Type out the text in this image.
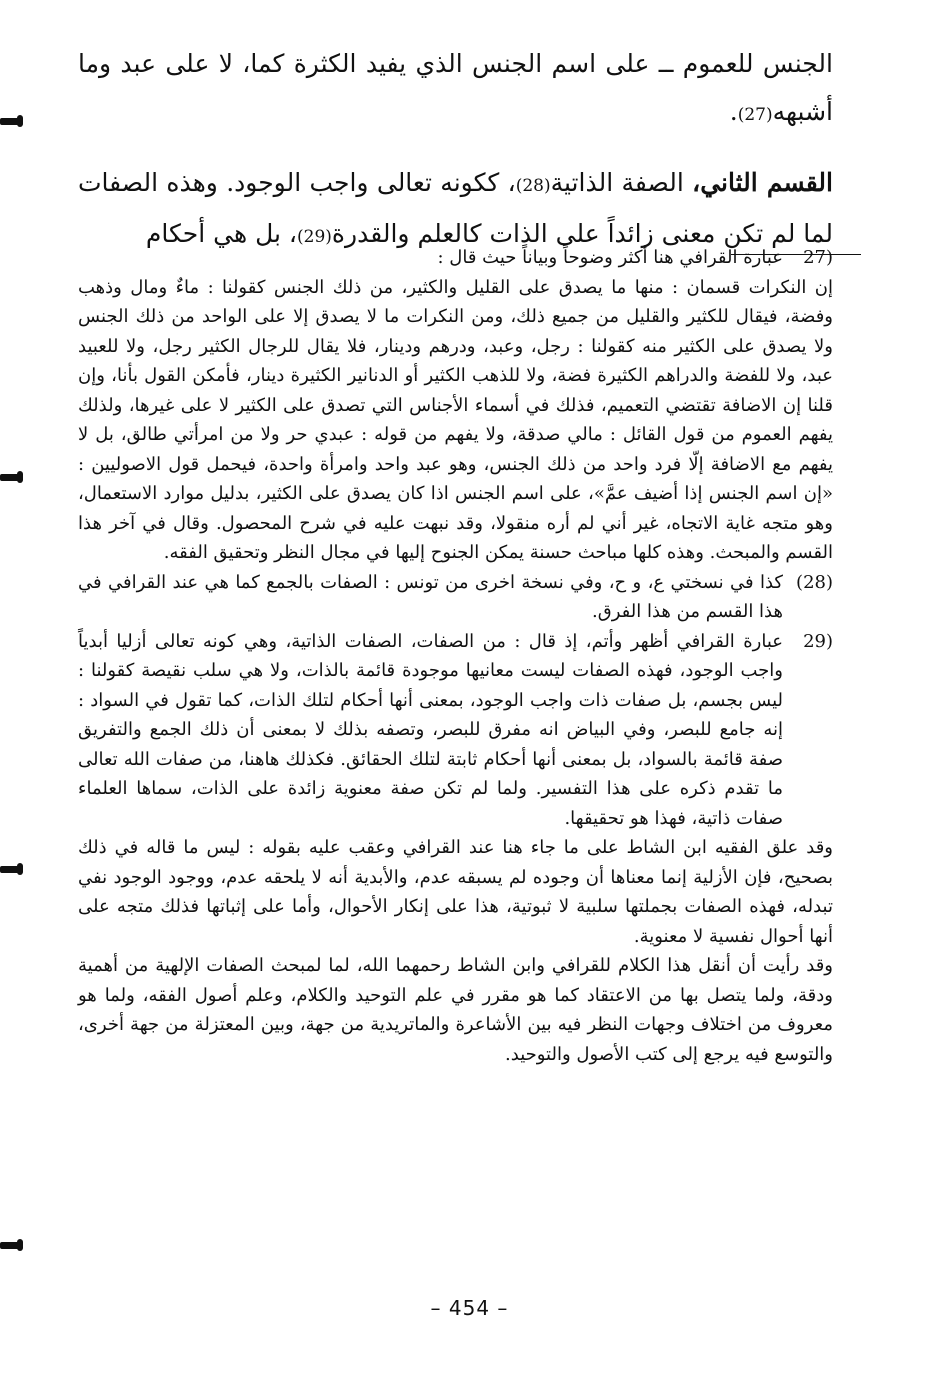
الجنس للعموم ــ على اسم الجنس الذي يفيد الكثرة كما، لا على عبد وما أشبهه(27).

القسم الثاني، الصفة الذاتية(28)، ككونه تعالى واجب الوجود. وهذه الصفات لما لم تكن معنى زائداً على الذات كالعلم والقدرة(29)، بل هي أحكام

(27

عبارة القرافي هنا أكثر وضوحاً وبياناً حيث قال :

إن النكرات قسمان : منها ما يصدق على القليل والكثير، من ذلك الجنس كقولنا : ماءٌ ومال وذهب وفضة، فيقال للكثير والقليل من جميع ذلك، ومن النكرات ما لا يصدق إلا على الواحد من ذلك الجنس ولا يصدق على الكثير منه كقولنا : رجل، وعبد، ودرهم ودينار، فلا يقال للرجال الكثير رجل، ولا للعبيد عبد، ولا للفضة والدراهم الكثيرة فضة، ولا للذهب الكثير أو الدنانير الكثيرة دينار، فأمكن القول بأنا، وإن قلنا إن الاضافة تقتضي التعميم، فذلك في أسماء الأجناس التي تصدق على الكثير لا على غيرها، ولذلك يفهم العموم من قول القائل : مالي صدقة، ولا يفهم من قوله : عبدي حر ولا من امرأتي طالق، بل لا يفهم مع الاضافة إلّا فرد واحد من ذلك الجنس، وهو عبد واحد وامرأة واحدة، فيحمل قول الاصوليين : «إن اسم الجنس إذا أضيف عمَّ»، على اسم الجنس اذا كان يصدق على الكثير، بدليل موارد الاستعمال، وهو متجه غاية الاتجاه، غير أني لم أره منقولا، وقد نبهت عليه في شرح المحصول. وقال في آخر هذا القسم والمبحث. وهذه كلها مباحث حسنة يمكن الجنوح إليها في مجال النظر وتحقيق الفقه.

(28)

كذا في نسختي ع، و ح، وفي نسخة اخرى من تونس : الصفات بالجمع كما هي عند القرافي في هذا القسم من هذا الفرق.

(29

عبارة القرافي أظهر وأتم، إذ قال : من الصفات، الصفات الذاتية، وهي كونه تعالى أزليا أبدياً واجب الوجود، فهذه الصفات ليست معانيها موجودة قائمة بالذات، ولا هي سلب نقيصة كقولنا : ليس بجسم، بل صفات ذات واجب الوجود، بمعنى أنها أحكام لتلك الذات، كما تقول في السواد : إنه جامع للبصر، وفي البياض انه مفرق للبصر، وتصفه بذلك لا بمعنى أن ذلك الجمع والتفريق صفة قائمة بالسواد، بل بمعنى أنها أحكام ثابتة لتلك الحقائق. فكذلك هاهنا، من صفات الله تعالى ما تقدم ذكره على هذا التفسير. ولما لم تكن صفة معنوية زائدة على الذات، سماها العلماء صفات ذاتية، فهذا هو تحقيقها.

وقد علق الفقيه ابن الشاط على ما جاء هنا عند القرافي وعقب عليه بقوله : ليس ما قاله في ذلك بصحيح، فإن الأزلية إنما معناها أن وجوده لم يسبقه عدم، والأبدية أنه لا يلحقه عدم، ووجود الوجود نفي تبدله، فهذه الصفات بجملتها سلبية لا ثبوتية، هذا على إنكار الأحوال، وأما على إثباتها فذلك متجه على أنها أحوال نفسية لا معنوية.

وقد رأيت أن أنقل هذا الكلام للقرافي وابن الشاط رحمهما الله، لما لمبحث الصفات الإلهية من أهمية ودقة، ولما يتصل بها من الاعتقاد كما هو مقرر في علم التوحيد والكلام، وعلم أصول الفقه، ولما هو معروف من اختلاف وجهات النظر فيه بين الأشاعرة والماتريدية من جهة، وبين المعتزلة من جهة أخرى، والتوسع فيه يرجع إلى كتب الأصول والتوحيد.

– 454 –
